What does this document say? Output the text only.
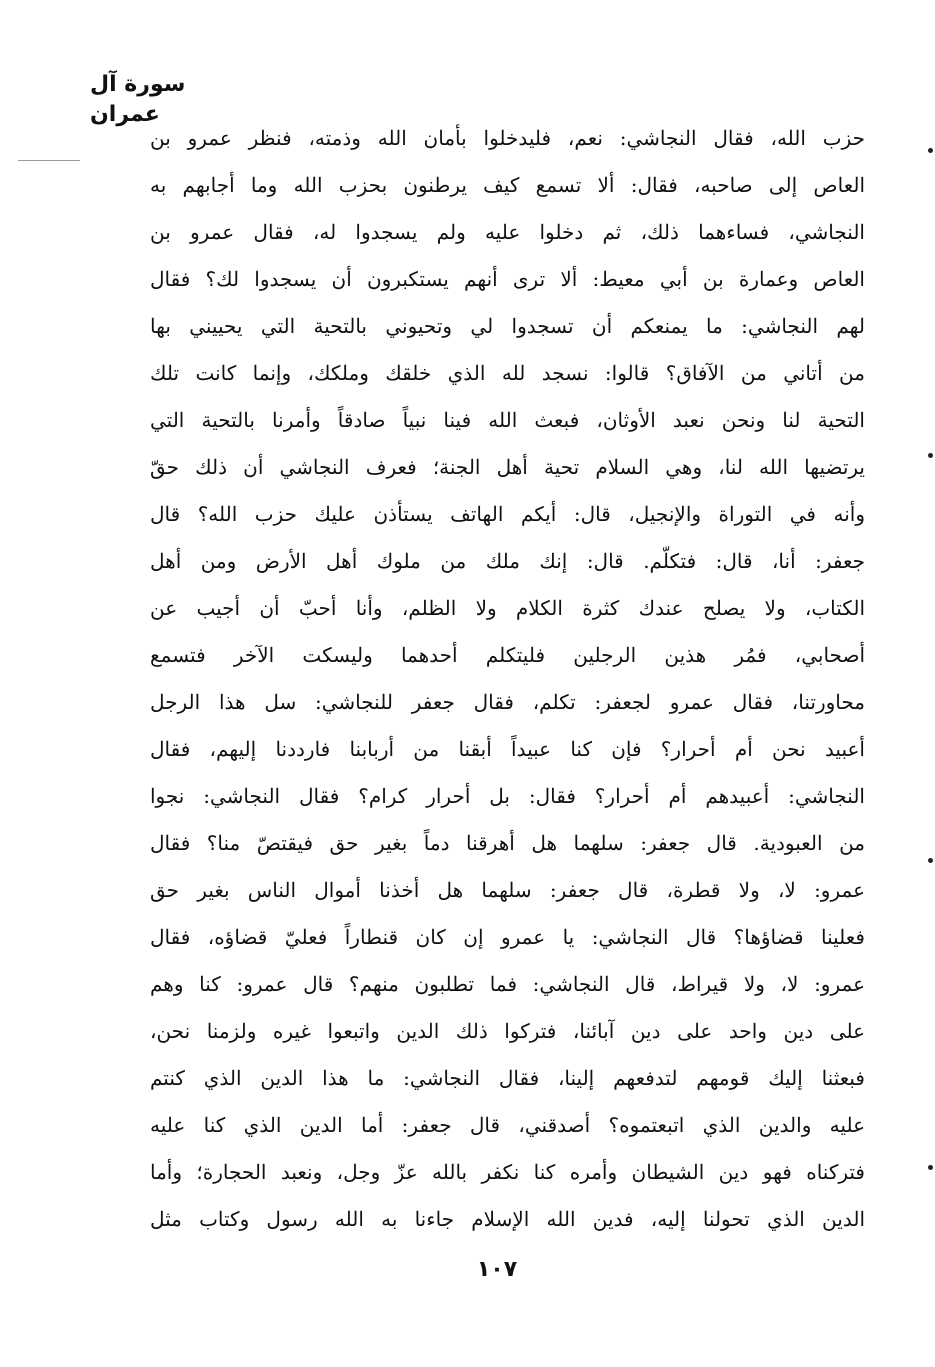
سورة آل عمران
حزب الله، فقال النجاشي: نعم، فليدخلوا بأمان الله وذمته، فنظر عمرو بن
العاص إلى صاحبه، فقال: ألا تسمع كيف يرطنون بحزب الله وما أجابهم به
النجاشي، فساءهما ذلك، ثم دخلوا عليه ولم يسجدوا له، فقال عمرو بن
العاص وعمارة بن أبي معيط: ألا ترى أنهم يستكبرون أن يسجدوا لك؟ فقال
لهم النجاشي: ما يمنعكم أن تسجدوا لي وتحيوني بالتحية التي يحييني بها
من أتاني من الآفاق؟ قالوا: نسجد لله الذي خلقك وملكك، وإنما كانت تلك
التحية لنا ونحن نعبد الأوثان، فبعث الله فينا نبياً صادقاً وأمرنا بالتحية التي
يرتضيها الله لنا، وهي السلام تحية أهل الجنة؛ فعرف النجاشي أن ذلك حقّ
وأنه في التوراة والإنجيل، قال: أيكم الهاتف يستأذن عليك حزب الله؟ قال
جعفر: أنا، قال: فتكلّم. قال: إنك ملك من ملوك أهل الأرض ومن أهل
الكتاب، ولا يصلح عندك كثرة الكلام ولا الظلم، وأنا أحبّ أن أجيب عن
أصحابي، فمُر هذين الرجلين فليتكلم أحدهما وليسكت الآخر فتسمع
محاورتنا، فقال عمرو لجعفر: تكلم، فقال جعفر للنجاشي: سل هذا الرجل
أعبيد نحن أم أحرار؟ فإن كنا عبيداً أبقنا من أربابنا فارددنا إليهم، فقال
النجاشي: أعبيدهم أم أحرار؟ فقال: بل أحرار كرام؟ فقال النجاشي: نجوا
من العبودية. قال جعفر: سلهما هل أهرقنا دماً بغير حق فيقتصّ منا؟ فقال
عمرو: لا، ولا قطرة، قال جعفر: سلهما هل أخذنا أموال الناس بغير حق
فعلينا قضاؤها؟ قال النجاشي: يا عمرو إن كان قنطاراً فعليّ قضاؤه، فقال
عمرو: لا، ولا قيراط، قال النجاشي: فما تطلبون منهم؟ قال عمرو: كنا وهم
على دين واحد على دين آبائنا، فتركوا ذلك الدين واتبعوا غيره ولزمنا نحن،
فبعثنا إليك قومهم لتدفعهم إلينا، فقال النجاشي: ما هذا الدين الذي كنتم
عليه والدين الذي اتبعتموه؟ أصدقني، قال جعفر: أما الدين الذي كنا عليه
فتركناه فهو دين الشيطان وأمره كنا نكفر بالله عزّ وجل، ونعبد الحجارة؛ وأما
الدين الذي تحولنا إليه، فدين الله الإسلام جاءنا به الله رسول وكتاب مثل
١٠٧
